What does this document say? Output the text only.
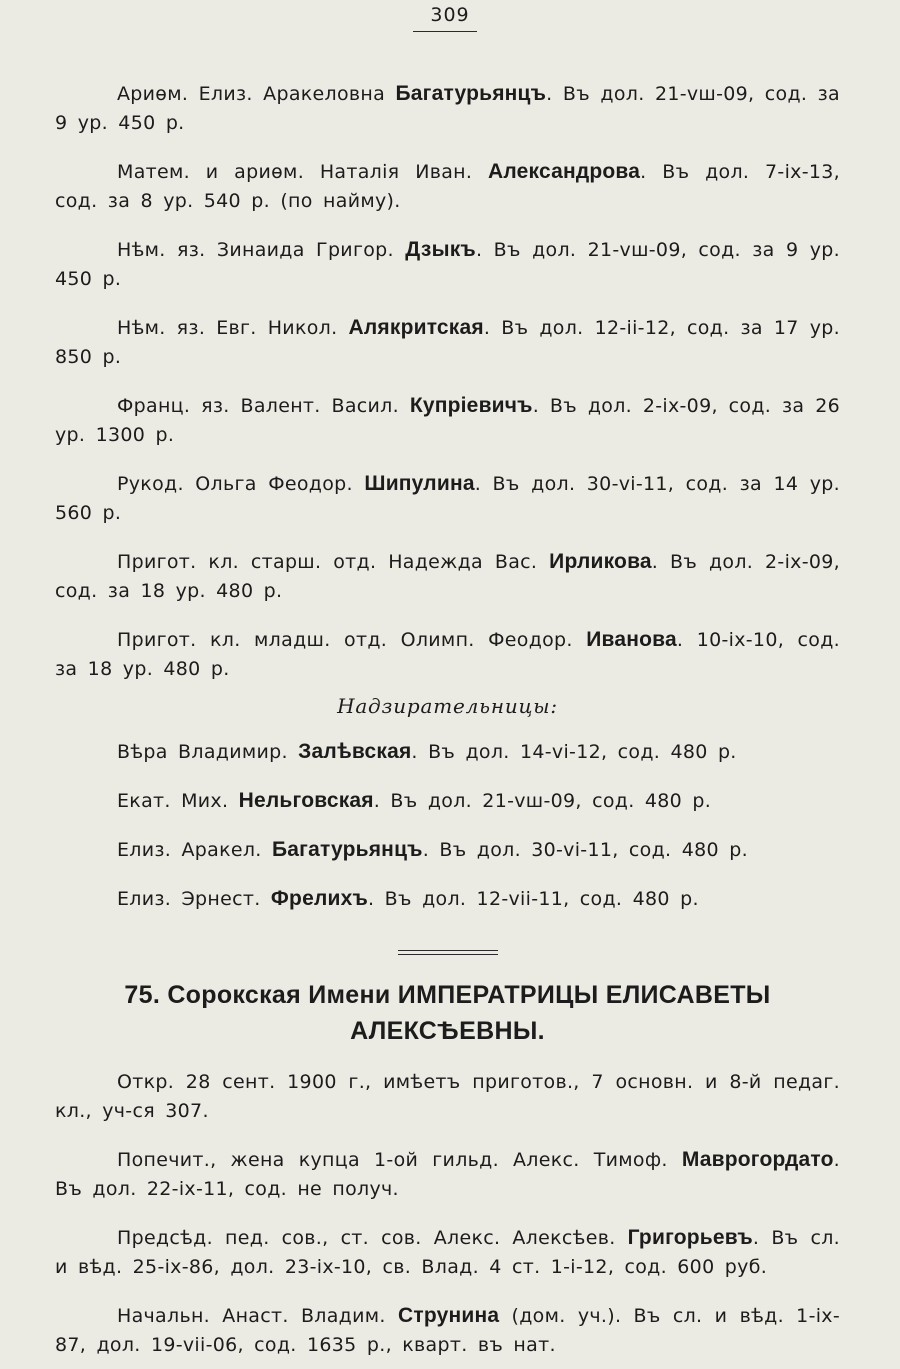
309

Ариѳм. Елиз. Аракеловна Багатурьянцъ. Въ дол. 21-vш-09, сод. за 9 ур. 450 р.

Матем. и ариѳм. Наталія Иван. Александрова. Въ дол. 7-ix-13, сод. за 8 ур. 540 р. (по найму).

Нѣм. яз. Зинаида Григор. Дзыкъ. Въ дол. 21-vш-09, сод. за 9 ур. 450 р.

Нѣм. яз. Евг. Никол. Алякритская. Въ дол. 12-ii-12, сод. за 17 ур. 850 р.

Франц. яз. Валент. Васил. Купріевичъ. Въ дол. 2-ix-09, сод. за 26 ур. 1300 р.

Рукод. Ольга Феодор. Шипулина. Въ дол. 30-vi-11, сод. за 14 ур. 560 р.

Пригот. кл. старш. отд. Надежда Вас. Ирликова. Въ дол. 2-ix-09, сод. за 18 ур. 480 р.

Пригот. кл. младш. отд. Олимп. Феодор. Иванова. 10-ix-10, сод. за 18 ур. 480 р.

Надзирательницы:

Вѣра Владимир. Залѣвская. Въ дол. 14-vi-12, сод. 480 р.

Екат. Мих. Нельговская. Въ дол. 21-vш-09, сод. 480 р.

Елиз. Аракел. Багатурьянцъ. Въ дол. 30-vi-11, сод. 480 р.

Елиз. Эрнест. Фрелихъ. Въ дол. 12-vii-11, сод. 480 р.

75. Сорокская Имени ИМПЕРАТРИЦЫ ЕЛИСАВЕТЫ
АЛЕКСѢЕВНЫ.

Откр. 28 сент. 1900 г., имѣетъ приготов., 7 основн. и 8-й педаг. кл., уч-ся 307.

Попечит., жена купца 1-ой гильд. Алекс. Тимоф. Маврогордато. Въ дол. 22-ix-11, сод. не получ.

Предсѣд. пед. сов., ст. сов. Алекс. Алексѣев. Григорьевъ. Въ сл. и вѣд. 25-ix-86, дол. 23-ix-10, св. Влад. 4 ст. 1-i-12, сод. 600 руб.

Начальн. Анаст. Владим. Струнина (дом. уч.). Въ сл. и вѣд. 1-ix-87, дол. 19-vii-06, сод. 1635 р., кварт. въ нат.
